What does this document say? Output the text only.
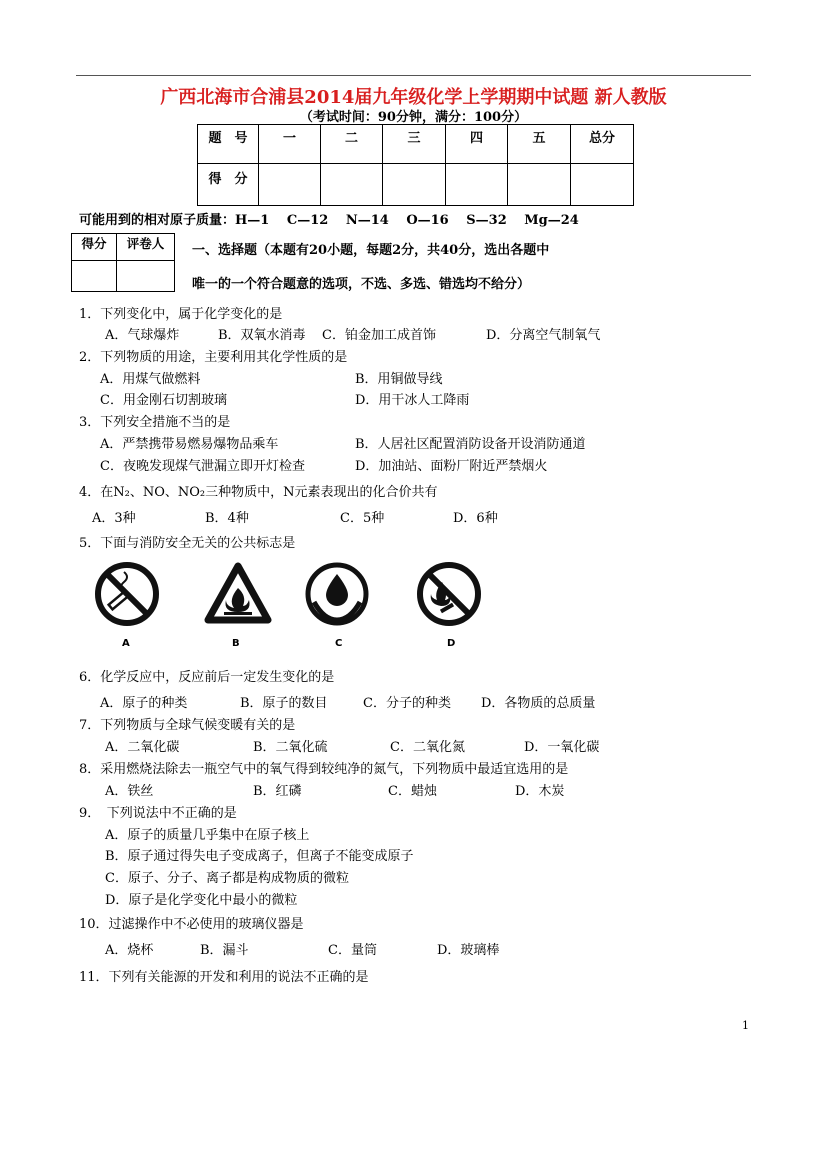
广西北海市合浦县2014届九年级化学上学期期中试题 新人教版
（考试时间：90分钟，满分：100分）
题　号	一	二	三	四	五	总分
得　分						
可能用到的相对原子质量：H—1　 C—12　 N—14　 O—16　 S—32　 Mg—24
得分	评卷人
	一、选择题（本题有20小题，每题2分，共40分，选出各题中
唯一的一个符合题意的选项，不选、多选、错选均不给分）
1．下列变化中，属于化学变化的是
A．气球爆炸	B．双氧水消毒 C．铂金加工成首饰	D．分离空气制氧气
2．下列物质的用途，主要利用其化学性质的是
A．用煤气做燃料	B．用铜做导线
C．用金刚石切割玻璃	D．用干冰人工降雨
3．下列安全措施不当的是
A．严禁携带易燃易爆物品乘车	B．人居社区配置消防设备开设消防通道
C．夜晚发现煤气泄漏立即开灯检查	D．加油站、面粉厂附近严禁烟火
4．在N₂、NO、NO₂三种物质中，N元素表现出的化合价共有
A．3种	B．4种	C．5种	D．6种
5．下面与消防安全无关的公共标志是
A	B	C	D
6．化学反应中，反应前后一定发生变化的是
A．原子的种类	B．原子的数目	C．分子的种类 D．各物质的总质量
7．下列物质与全球气候变暖有关的是
A．二氧化碳	B．二氧化硫	C．二氧化氮	D．一氧化碳
8．采用燃烧法除去一瓶空气中的氧气得到较纯净的氮气，下列物质中最适宜选用的是
A．铁丝	B．红磷	C．蜡烛	D．木炭
9．　下列说法中不正确的是
A．原子的质量几乎集中在原子核上
B．原子通过得失电子变成离子，但离子不能变成原子
C．原子、分子、离子都是构成物质的微粒
D．原子是化学变化中最小的微粒
10．过滤操作中不必使用的玻璃仪器是
A．烧杯	B．漏斗	C．量筒	D．玻璃棒
11．下列有关能源的开发和利用的说法不正确的是
1
